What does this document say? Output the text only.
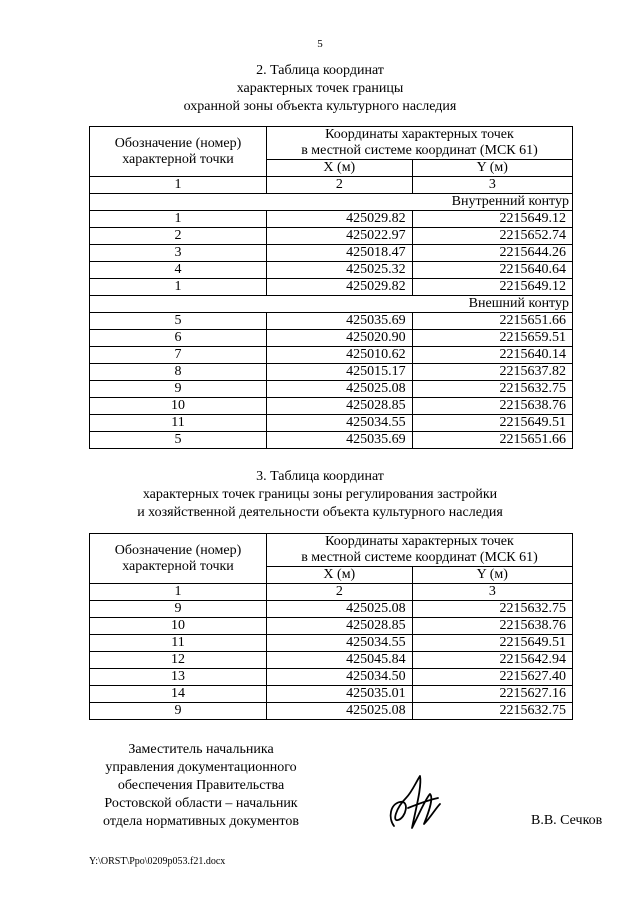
5
2. Таблица координат
характерных точек границы
охранной зоны объекта культурного наследия
Обозначение (номер)
характерной точки	Координаты характерных точек
в местной системе координат (МСК 61)	
	X (м)	Y (м)
1	2	3
Внутренний контур		
1	425029.82	2215649.12
2	425022.97	2215652.74
3	425018.47	2215644.26
4	425025.32	2215640.64
1	425029.82	2215649.12
Внешний контур		
5	425035.69	2215651.66
6	425020.90	2215659.51
7	425010.62	2215640.14
8	425015.17	2215637.82
9	425025.08	2215632.75
10	425028.85	2215638.76
11	425034.55	2215649.51
5	425035.69	2215651.66
3. Таблица координат
характерных точек границы зоны регулирования застройки
и хозяйственной деятельности объекта культурного наследия
Обозначение (номер)
характерной точки	Координаты характерных точек
в местной системе координат (МСК 61)	
	X (м)	Y (м)
1	2	3
9	425025.08	2215632.75
10	425028.85	2215638.76
11	425034.55	2215649.51
12	425045.84	2215642.94
13	425034.50	2215627.40
14	425035.01	2215627.16
9	425025.08	2215632.75
Заместитель начальника
управления документационного
обеспечения Правительства
Ростовской области – начальник
отдела нормативных документов	В.В. Сечков
Y:\ORST\Ppo\0209p053.f21.docx
